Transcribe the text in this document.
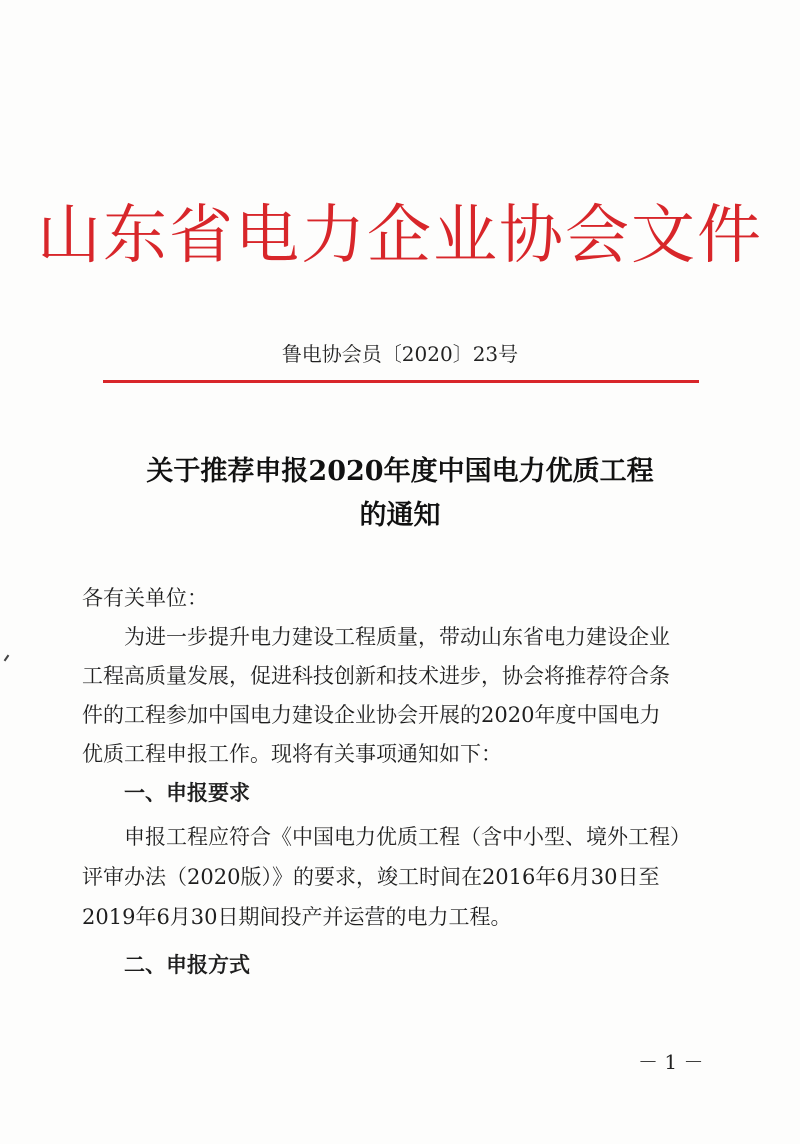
山东省电力企业协会文件
鲁电协会员〔2020〕23号
关于推荐申报2020年度中国电力优质工程
的通知
各有关单位：
为进一步提升电力建设工程质量，带动山东省电力建设企业
工程高质量发展，促进科技创新和技术进步，协会将推荐符合条
件的工程参加中国电力建设企业协会开展的2020年度中国电力
优质工程申报工作。现将有关事项通知如下：
一、申报要求
申报工程应符合《中国电力优质工程（含中小型、境外工程）
评审办法（2020版）》的要求，竣工时间在2016年6月30日至
2019年6月30日期间投产并运营的电力工程。
二、申报方式
－ 1 －
